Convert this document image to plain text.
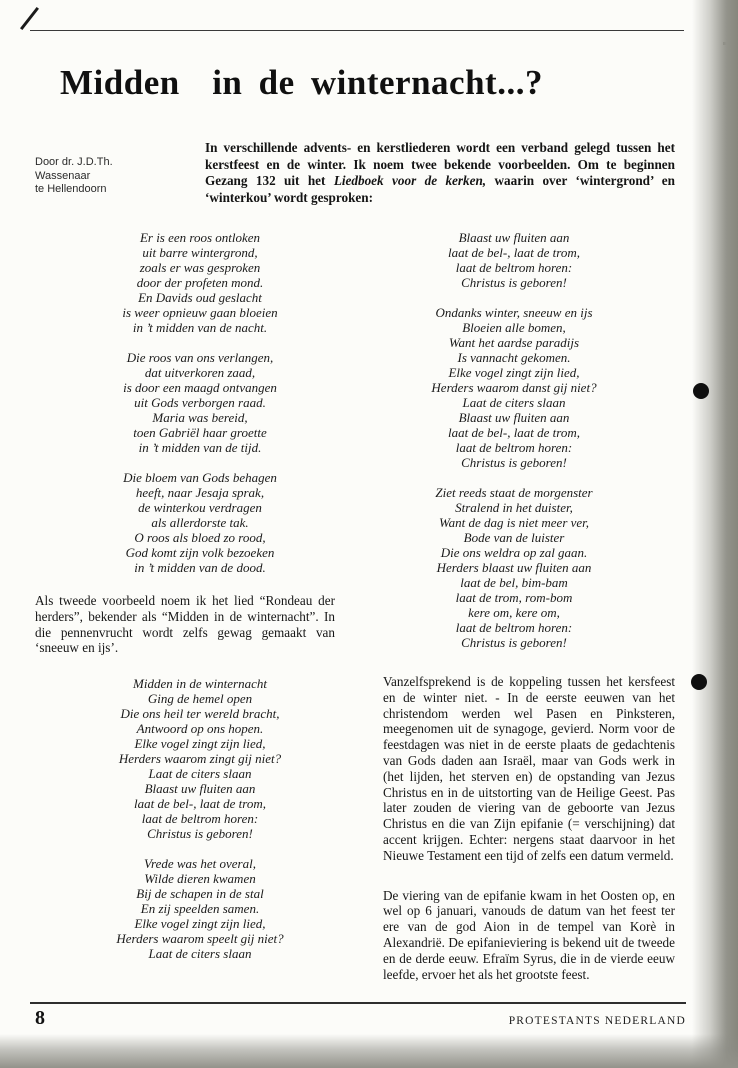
Midden  in de winternacht...?
Door dr. J.D.Th.
Wassenaar
te Hellendoorn

In verschillende advents- en kerstliederen wordt een verband gelegd tussen het kerstfeest en de winter. Ik noem twee bekende voorbeelden. Om te beginnen Gezang 132 uit het Liedboek voor de kerken, waarin over ‘wintergrond’ en ‘winterkou’ wordt gesproken:

Er is een roos ontloken
uit barre wintergrond,
zoals er was gesproken
door der profeten mond.
En Davids oud geslacht
is weer opnieuw gaan bloeien
in ’t midden van de nacht.
Die roos van ons verlangen,
dat uitverkoren zaad,
is door een maagd ontvangen
uit Gods verborgen raad.
Maria was bereid,
toen Gabriël haar groette
in ’t midden van de tijd.
Die bloem van Gods behagen
heeft, naar Jesaja sprak,
de winterkou verdragen
als allerdorste tak.
O roos als bloed zo rood,
God komt zijn volk bezoeken
in ’t midden van de dood.

Als tweede voorbeeld noem ik het lied “Rondeau der herders”, bekender als “Midden in de winternacht”. In die pennenvrucht wordt zelfs gewag gemaakt van ‘sneeuw en ijs’.

Midden in de winternacht
Ging de hemel open
Die ons heil ter wereld bracht,
Antwoord op ons hopen.
Elke vogel zingt zijn lied,
Herders waarom zingt gij niet?
Laat de citers slaan
Blaast uw fluiten aan
laat de bel-, laat de trom,
laat de beltrom horen:
Christus is geboren!
Vrede was het overal,
Wilde dieren kwamen
Bij de schapen in de stal
En zij speelden samen.
Elke vogel zingt zijn lied,
Herders waarom speelt gij niet?
Laat de citers slaan
Blaast uw fluiten aan
laat de bel-, laat de trom,
laat de beltrom horen:
Christus is geboren!
Ondanks winter, sneeuw en ijs
Bloeien alle bomen,
Want het aardse paradijs
Is vannacht gekomen.
Elke vogel zingt zijn lied,
Herders waarom danst gij niet?
Laat de citers slaan
Blaast uw fluiten aan
laat de bel-, laat de trom,
laat de beltrom horen:
Christus is geboren!
Ziet reeds staat de morgenster
Stralend in het duister,
Want de dag is niet meer ver,
Bode van de luister
Die ons weldra op zal gaan.
Herders blaast uw fluiten aan
laat de bel, bim-bam
laat de trom, rom-bom
kere om, kere om,
laat de beltrom horen:
Christus is geboren!

Vanzelfsprekend is de koppeling tussen het kersfeest en de winter niet. - In de eerste eeuwen van het christendom werden wel Pasen en Pinksteren, meegenomen uit de synagoge, gevierd. Norm voor de feestdagen was niet in de eerste plaats de gedachtenis van Gods daden aan Israël, maar van Gods werk in (het lijden, het sterven en) de opstanding van Jezus Christus en in de uitstorting van de Heilige Geest. Pas later zouden de viering van de geboorte van Jezus Christus en die van Zijn epifanie (= verschijning) dat accent krijgen. Echter: nergens staat daarvoor in het Nieuwe Testament een tijd of zelfs een datum vermeld.

De viering van de epifanie kwam in het Oosten op, en wel op 6 januari, vanouds de datum van het feest ter ere van de god Aion in de tempel van Korè in Alexandrië. De epifanieviering is bekend uit de tweede en de derde eeuw. Efraïm Syrus, die in de vierde eeuw leefde, ervoer het als het grootste feest.

8	PROTESTANTS NEDERLAND
